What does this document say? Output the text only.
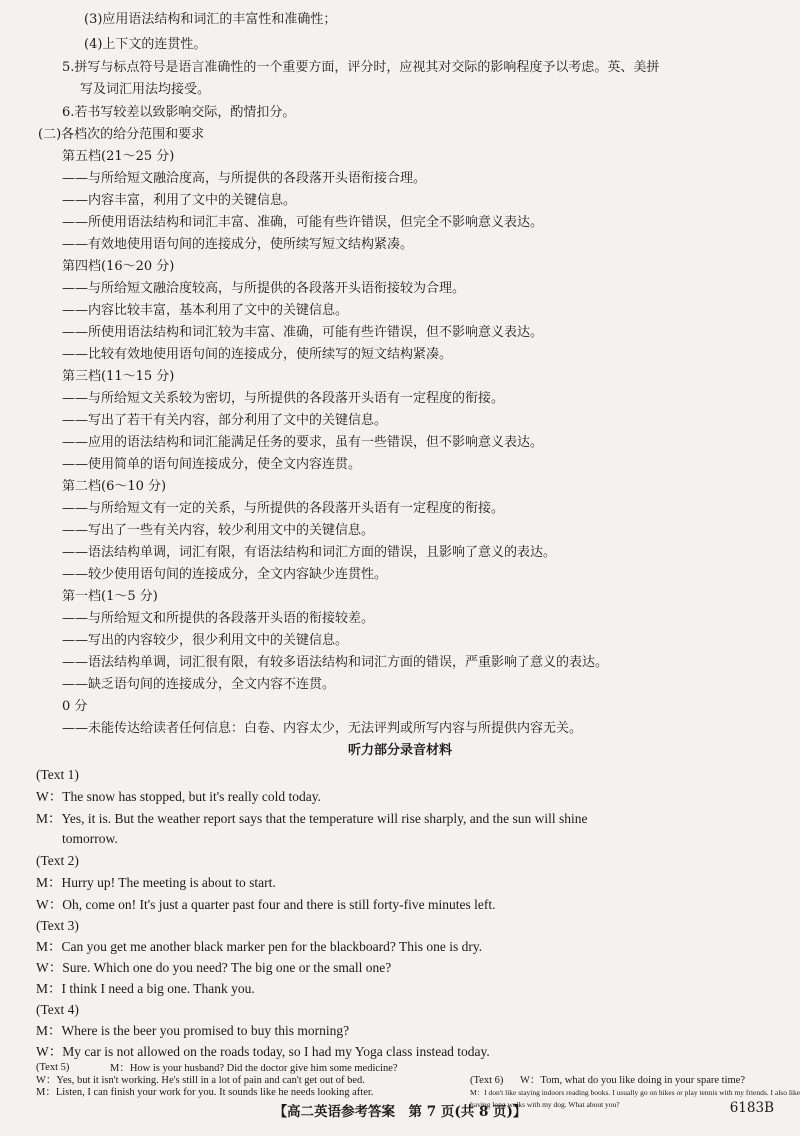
(3)应用语法结构和词汇的丰富性和准确性；
(4)上下文的连贯性。
5.拼写与标点符号是语言准确性的一个重要方面，评分时，应视其对交际的影响程度予以考虑。英、美拼
写及词汇用法均接受。
6.若书写较差以致影响交际，酌情扣分。
(二)各档次的给分范围和要求
第五档(21～25 分)
——与所给短文融洽度高，与所提供的各段落开头语衔接合理。
——内容丰富，利用了文中的关键信息。
——所使用语法结构和词汇丰富、准确，可能有些许错误，但完全不影响意义表达。
——有效地使用语句间的连接成分，使所续写短文结构紧凑。
第四档(16～20 分)
——与所给短文融洽度较高，与所提供的各段落开头语衔接较为合理。
——内容比较丰富，基本利用了文中的关键信息。
——所使用语法结构和词汇较为丰富、准确，可能有些许错误，但不影响意义表达。
——比较有效地使用语句间的连接成分，使所续写的短文结构紧凑。
第三档(11～15 分)
——与所给短文关系较为密切，与所提供的各段落开头语有一定程度的衔接。
——写出了若干有关内容，部分利用了文中的关键信息。
——应用的语法结构和词汇能满足任务的要求，虽有一些错误，但不影响意义表达。
——使用简单的语句间连接成分，使全文内容连贯。
第二档(6～10 分)
——与所给短文有一定的关系，与所提供的各段落开头语有一定程度的衔接。
——写出了一些有关内容，较少利用文中的关键信息。
——语法结构单调，词汇有限，有语法结构和词汇方面的错误，且影响了意义的表达。
——较少使用语句间的连接成分，全文内容缺少连贯性。
第一档(1～5 分)
——与所给短文和所提供的各段落开头语的衔接较差。
——写出的内容较少，很少利用文中的关键信息。
——语法结构单调，词汇很有限，有较多语法结构和词汇方面的错误，严重影响了意义的表达。
——缺乏语句间的连接成分，全文内容不连贯。
0 分
——未能传达给读者任何信息：白卷、内容太少，无法评判或所写内容与所提供内容无关。
听力部分录音材料
(Text 1)
W：The snow has stopped, but it's really cold today.
M：Yes, it is. But the weather report says that the temperature will rise sharply, and the sun will shine
tomorrow.
(Text 2)
M：Hurry up! The meeting is about to start.
W：Oh, come on! It's just a quarter past four and there is still forty-five minutes left.
(Text 3)
M：Can you get me another black marker pen for the blackboard? This one is dry.
W：Sure. Which one do you need? The big one or the small one?
M：I think I need a big one. Thank you.
(Text 4)
M：Where is the beer you promised to buy this morning?
W：My car is not allowed on the roads today, so I had my Yoga class instead today.
【高二英语参考答案　第 7 页(共 8 页)】	6183B
(Text 5)	M：How is your husband? Did the doctor give him some medicine?
W：Yes, but it isn't working. He's still in a lot of pain and can't get out of bed.
M：Listen, I can finish your work for you. It sounds like he needs looking after.
(Text 6) W：Tom, what do you like doing in your spare time?
M：I don't like staying indoors reading books. I usually go on hikes or play tennis with my friends. I also like
having long walks with my dog. What about you?
